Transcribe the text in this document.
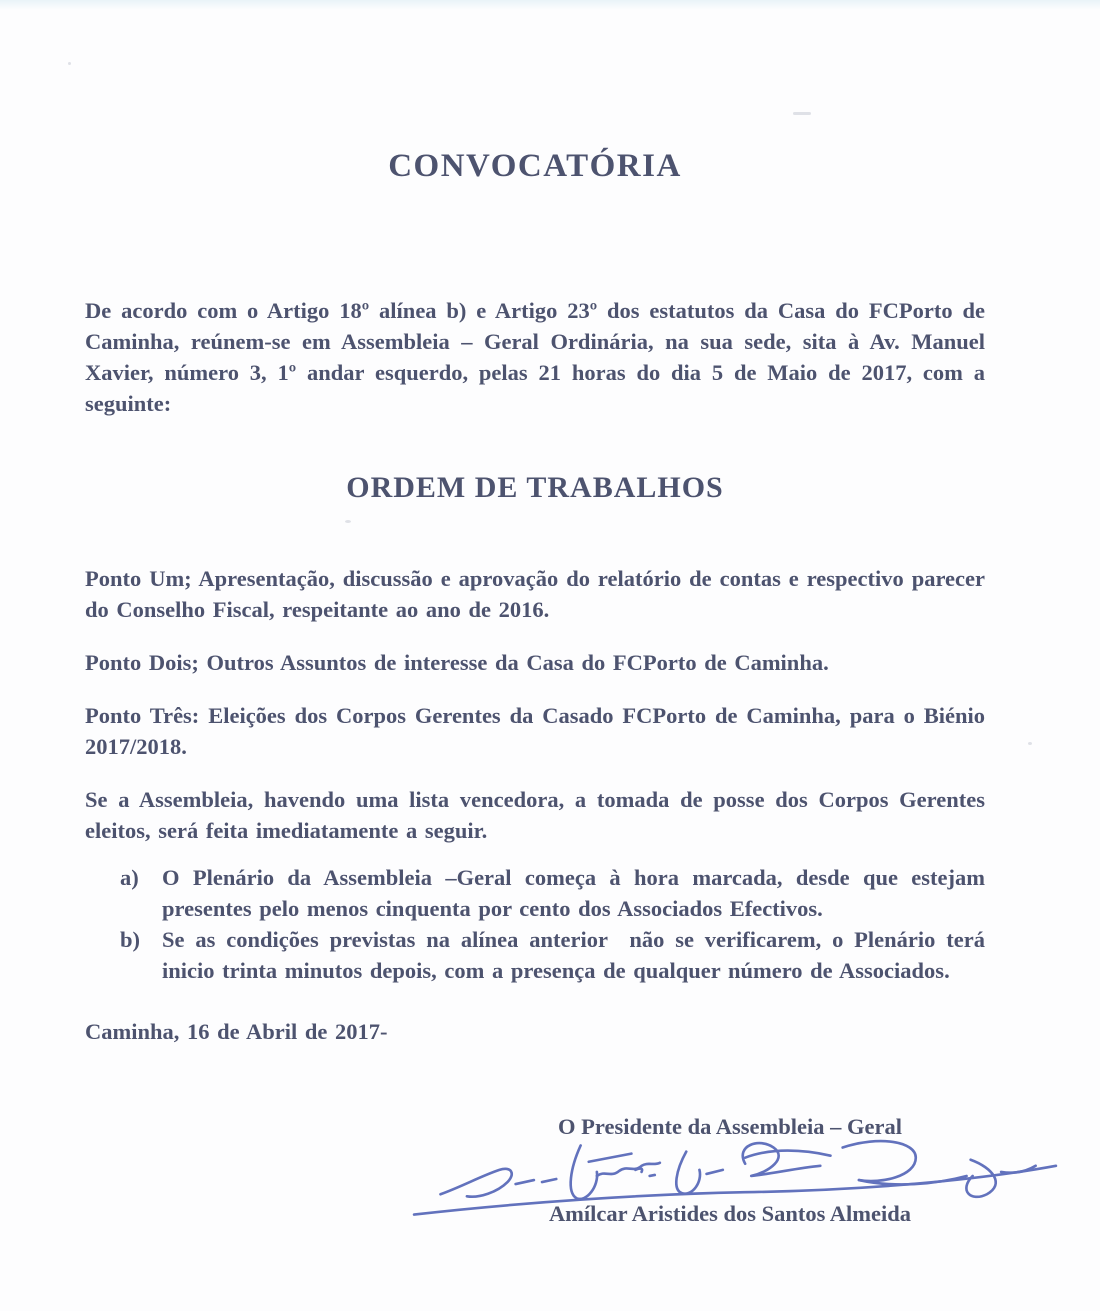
CONVOCATÓRIA

De acordo com o Artigo 18º alínea b) e Artigo 23º dos estatutos da Casa do FCPorto de Caminha, reúnem-se em Assembleia – Geral Ordinária, na sua sede, sita à Av. Manuel Xavier, número 3, 1º andar esquerdo, pelas 21 horas do dia 5 de Maio de 2017, com a seguinte:

ORDEM DE TRABALHOS

Ponto Um; Apresentação, discussão e aprovação do relatório de contas e respectivo parecer do Conselho Fiscal, respeitante ao ano de 2016.

Ponto Dois; Outros Assuntos de interesse da Casa do FCPorto de Caminha.

Ponto Três: Eleições dos Corpos Gerentes da Casado FCPorto de Caminha, para o Biénio 2017/2018.

Se a Assembleia, havendo uma lista vencedora, a tomada de posse dos Corpos Gerentes eleitos, será feita imediatamente a seguir.

a)	O Plenário da Assembleia –Geral começa à hora marcada, desde que estejam presentes pelo menos cinquenta por cento dos Associados Efectivos.
b) Se as condições previstas na alínea anterior  não se verificarem, o Plenário terá inicio trinta minutos depois, com a presença de qualquer número de Associados.

Caminha, 16 de Abril de 2017-

O Presidente da Assembleia – Geral
Amílcar Aristides dos Santos Almeida
